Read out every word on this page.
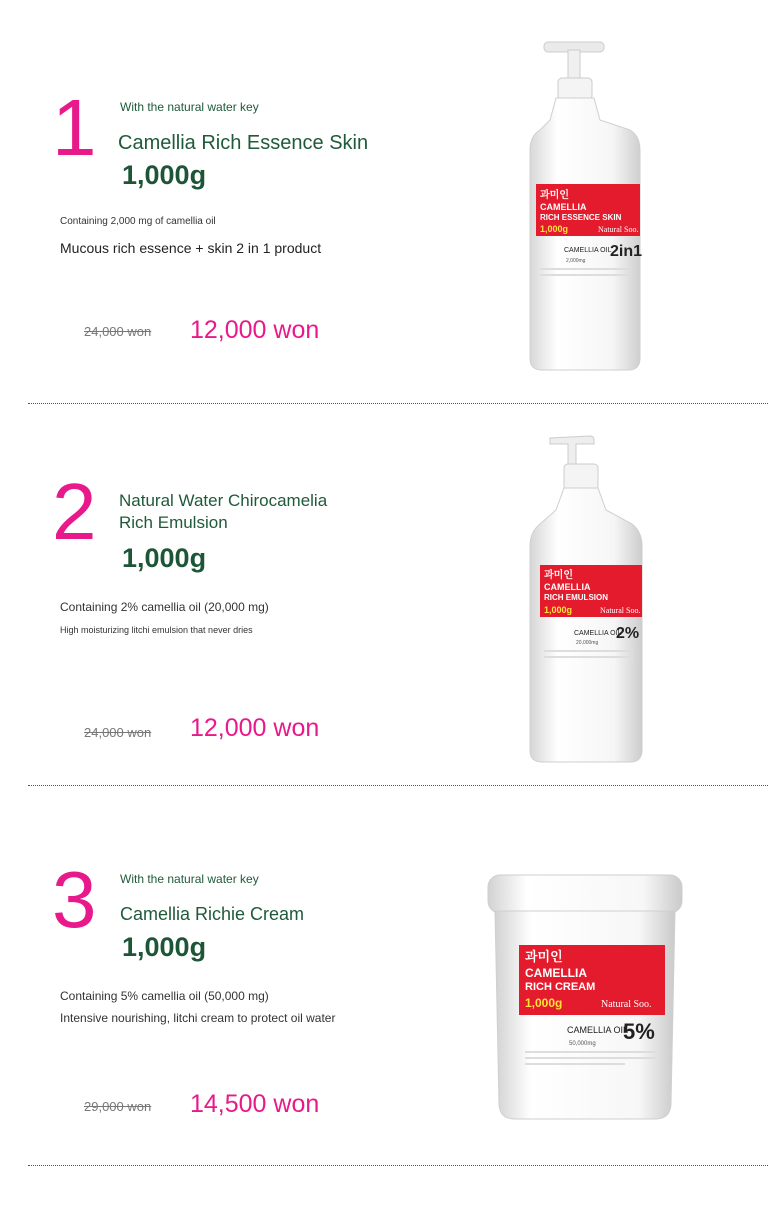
1 With the natural water key
Camellia Rich Essence Skin
1,000g
Containing 2,000 mg of camellia oil
Mucous rich essence + skin 2 in 1 product
24,000 won 12,000 won
과미인
CAMELLIA
RICH ESSENCE SKIN
1,000g	Natural Soo.
CAMELLIA OIL
2in1
2,000mg
2 Natural Water Chirocamelia
Rich Emulsion
1,000g
Containing 2% camellia oil (20,000 mg)
High moisturizing litchi emulsion that never dries
24,000 won 12,000 won
과미인
CAMELLIA
RICH EMULSION
1,000g	Natural Soo.
CAMELLIA OIL
2%
20,000mg
3 With the natural water key
Camellia Richie Cream
1,000g
Containing 5% camellia oil (50,000 mg)
Intensive nourishing, litchi cream to protect oil water
29,000 won 14,500 won
과미인
CAMELLIA
RICH CREAM
1,000g	Natural Soo.
CAMELLIA OIL
5%
50,000mg
